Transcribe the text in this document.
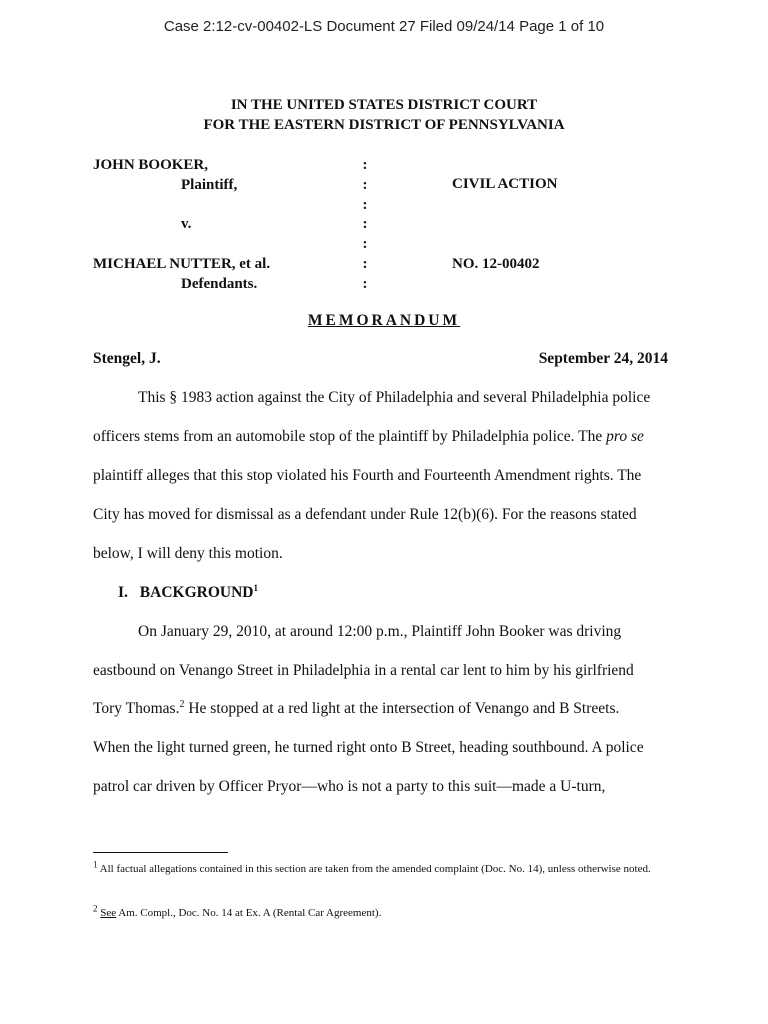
Case 2:12-cv-00402-LS Document 27 Filed 09/24/14 Page 1 of 10
IN THE UNITED STATES DISTRICT COURT
FOR THE EASTERN DISTRICT OF PENNSYLVANIA
JOHN BOOKER,
Plaintiff,
v.
MICHAEL NUTTER, et al.
Defendants.
:
:
:
:
:
:
:
CIVIL ACTION
NO. 12-00402
MEMORANDUM
Stengel, J.	September 24, 2014
This § 1983 action against the City of Philadelphia and several Philadelphia police
officers stems from an automobile stop of the plaintiff by Philadelphia police. The pro se
plaintiff alleges that this stop violated his Fourth and Fourteenth Amendment rights. The
City has moved for dismissal as a defendant under Rule 12(b)(6). For the reasons stated
below, I will deny this motion.
I. BACKGROUND$^1$
On January 29, 2010, at around 12:00 p.m., Plaintiff John Booker was driving
eastbound on Venango Street in Philadelphia in a rental car lent to him by his girlfriend
Tory Thomas.$^2$ He stopped at a red light at the intersection of Venango and B Streets.
When the light turned green, he turned right onto B Street, heading southbound. A police
patrol car driven by Officer Pryor—who is not a party to this suit—made a U-turn,
$^1$ All factual allegations contained in this section are taken from the amended complaint (Doc. No. 14), unless otherwise noted.
$^2$ See Am. Compl., Doc. No. 14 at Ex. A (Rental Car Agreement).
